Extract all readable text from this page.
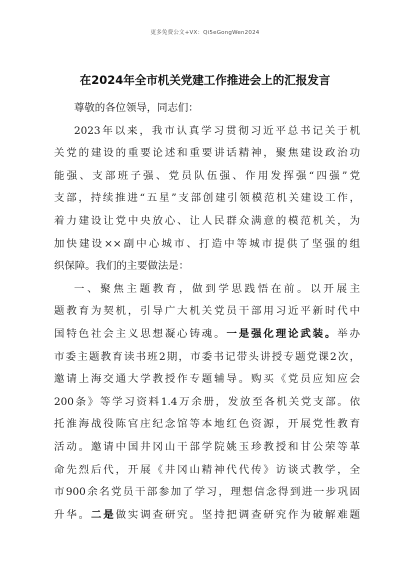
更多免费公文+VX：Qi5eGongWen2024
在2024年全市机关党建工作推进会上的汇报发言
尊敬的各位领导，同志们：
2023年以来，我市认真学习贯彻习近平总书记关于机
关党的建设的重要论述和重要讲话精神，聚焦建设政治功
能强、支部班子强、党员队伍强、作用发挥强“四强”党
支部，持续推进“五星”支部创建引领模范机关建设工作，
着力建设让党中央放心、让人民群众满意的模范机关，为
加快建设××副中心城市、打造中等城市提供了坚强的组
织保障。我们的主要做法是：
一、聚焦主题教育，做到学思践悟在前。以开展主
题教育为契机，引导广大机关党员干部用习近平新时代中
国特色社会主义思想凝心铸魂。一是强化理论武装。举办
市委主题教育读书班2期，市委书记带头讲授专题党课2次，
邀请上海交通大学教授作专题辅导。购买《党员应知应会
200条》等学习资料1.4万余册，发放至各机关党支部。依
托淮海战役陈官庄纪念馆等本地红色资源，开展党性教育
活动。邀请中国井冈山干部学院姚玉珍教授和甘公荣等革
命先烈后代，开展《井冈山精神代代传》访谈式教学，全
市900余名党员干部参加了学习，理想信念得到进一步巩固
升华。二是做实调查研究。坚持把调查研究作为破解难题
